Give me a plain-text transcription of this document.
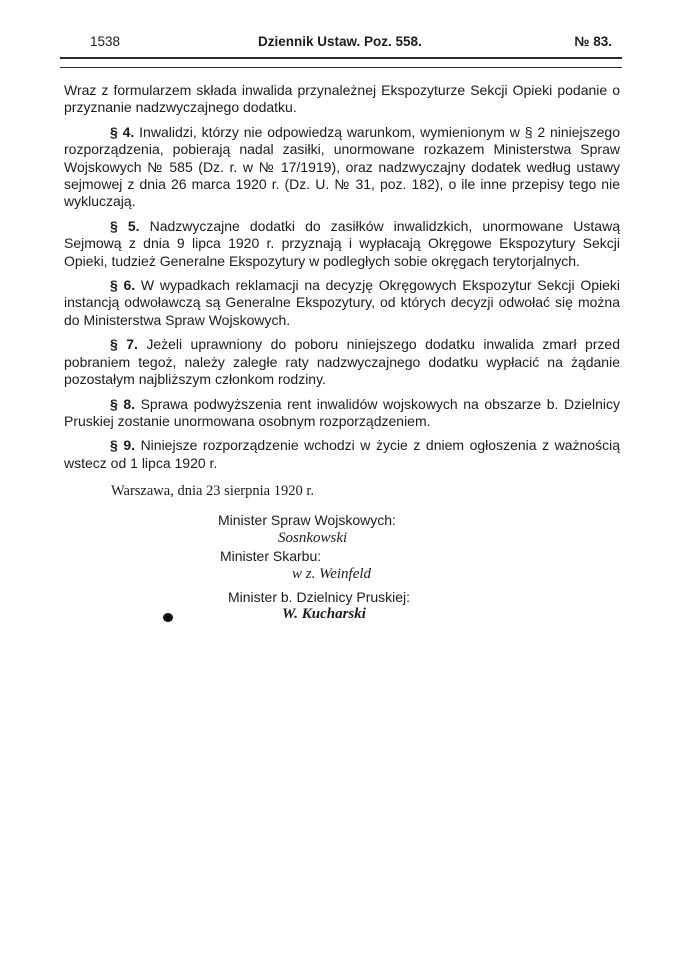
1538	Dziennik Ustaw. Poz. 558.	№ 83.

Wraz z formularzem składa inwalida przynależnej Ekspozyturze Sekcji Opieki podanie o przyznanie nadzwyczajnego dodatku.

§ 4. Inwalidzi, którzy nie odpowiedzą warunkom, wymienionym w § 2 niniejszego rozporządzenia, pobierają nadal zasiłki, unormowane rozkazem Ministerstwa Spraw Wojskowych № 585 (Dz. r. w № 17/1919), oraz nadzwyczajny dodatek według ustawy sejmowej z dnia 26 marca 1920 r. (Dz. U. № 31, poz. 182), o ile inne przepisy tego nie wykluczają.

§ 5. Nadzwyczajne dodatki do zasiłków inwalidzkich, unormowane Ustawą Sejmową z dnia 9 lipca 1920 r. przyznają i wypłacają Okręgowe Ekspozytury Sekcji Opieki, tudzież Generalne Ekspozytury w podległych sobie okręgach terytorjalnych.

§ 6. W wypadkach reklamacji na decyzję Okręgowych Ekspozytur Sekcji Opieki instancją odwoławczą są Generalne Ekspozytury, od których decyzji odwołać się można do Ministerstwa Spraw Wojskowych.

§ 7. Jeżeli uprawniony do poboru niniejszego dodatku inwalida zmarł przed pobraniem tegoż, należy zaległe raty nadzwyczajnego dodatku wypłacić na żądanie pozostałym najbliższym członkom rodziny.

§ 8. Sprawa podwyższenia rent inwalidów wojskowych na obszarze b. Dzielnicy Pruskiej zostanie unormowana osobnym rozporządzeniem.

§ 9. Niniejsze rozporządzenie wchodzi w życie z dniem ogłoszenia z ważnością wstecz od 1 lipca 1920 r.

Warszawa, dnia 23 sierpnia 1920 r.
Minister Spraw Wojskowych:
Sosnkowski
Minister Skarbu:
w z. Weinfeld
Minister b. Dzielnicy Pruskiej:
W. Kucharski
